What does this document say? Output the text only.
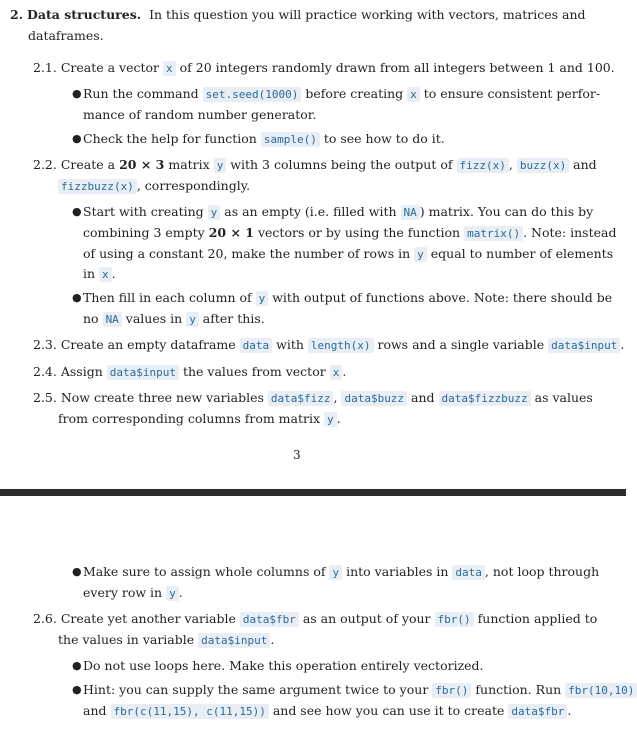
2. Data structures. In this question you will practice working with vectors, matrices and
dataframes.
2.1. Create a vector x of 20 integers randomly drawn from all integers between 1 and 100.
● Run the command set.seed(1000) before creating x to ensure consistent perfor-
mance of random number generator.
● Check the help for function sample() to see how to do it.
2.2. Create a 20 × 3 matrix y with 3 columns being the output of fizz(x) , buzz(x) and
fizzbuzz(x) , correspondingly.
● Start with creating y as an empty (i.e. filled with NA ) matrix. You can do this by
combining 3 empty 20 × 1 vectors or by using the function matrix() . Note: instead
of using a constant 20, make the number of rows in y equal to number of elements
in x .
● Then fill in each column of y with output of functions above. Note: there should be
no NA values in y after this.
2.3. Create an empty dataframe data with length(x) rows and a single variable data$input .
2.4. Assign data$input the values from vector x .
2.5. Now create three new variables data$fizz , data$buzz and data$fizzbuzz as values
from corresponding columns from matrix y .
3
● Make sure to assign whole columns of y into variables in data , not loop through
every row in y .
2.6. Create yet another variable data$fbr as an output of your fbr() function applied to
the values in variable data$input .
● Do not use loops here. Make this operation entirely vectorized.
● Hint: you can supply the same argument twice to your fbr() function. Run fbr(10,10)
and fbr(c(11,15), c(11,15)) and see how you can use it to create data$fbr .
